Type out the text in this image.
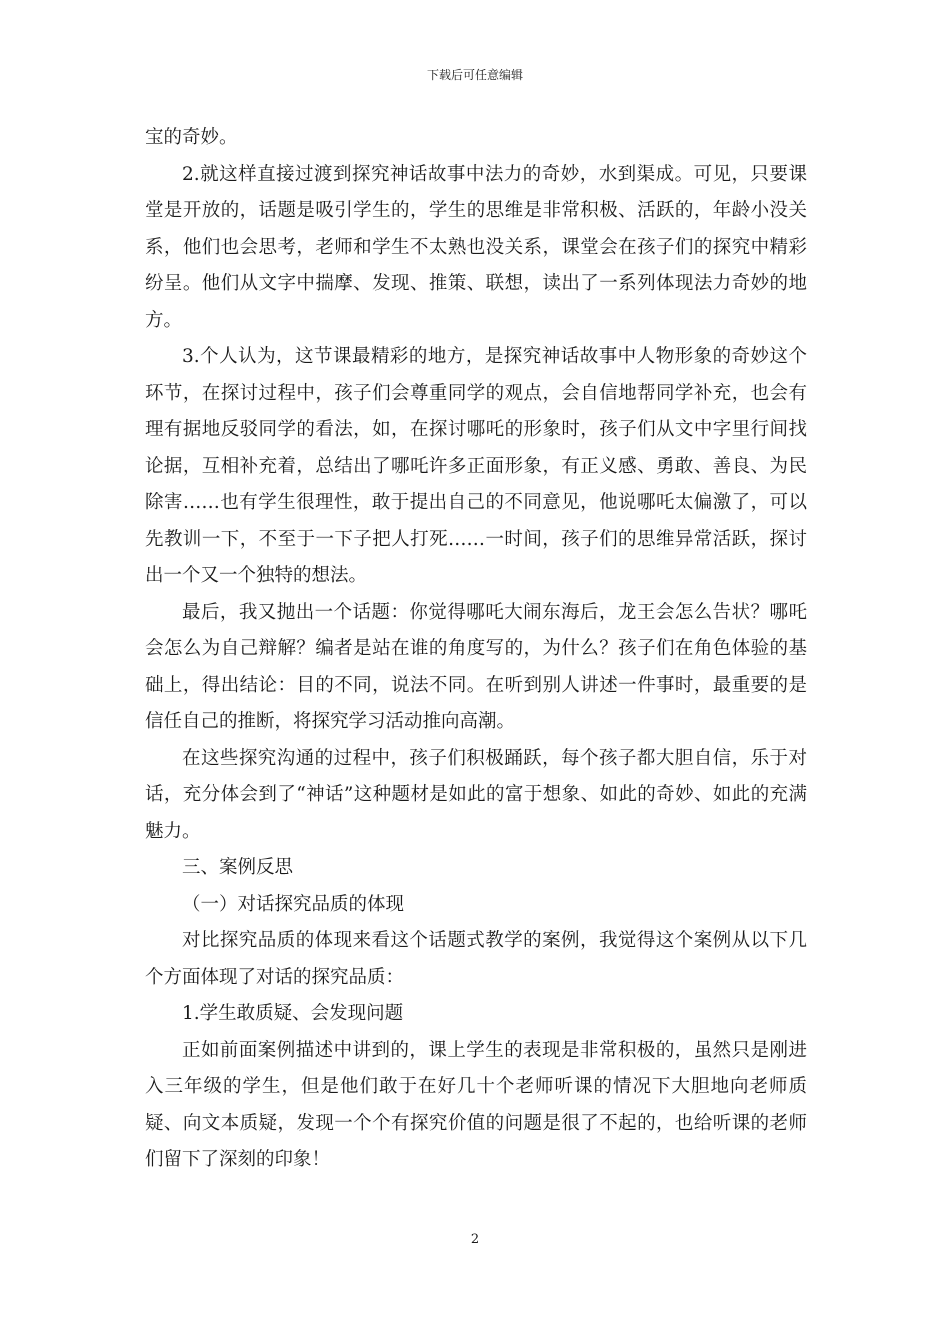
下载后可任意编辑

宝的奇妙。

2.就这样直接过渡到探究神话故事中法力的奇妙，水到渠成。可见，只要课堂是开放的，话题是吸引学生的，学生的思维是非常积极、活跃的，年龄小没关系，他们也会思考，老师和学生不太熟也没关系，课堂会在孩子们的探究中精彩纷呈。他们从文字中揣摩、发现、推策、联想，读出了一系列体现法力奇妙的地方。

3.个人认为，这节课最精彩的地方，是探究神话故事中人物形象的奇妙这个环节，在探讨过程中，孩子们会尊重同学的观点，会自信地帮同学补充，也会有理有据地反驳同学的看法，如，在探讨哪吒的形象时，孩子们从文中字里行间找论据，互相补充着，总结出了哪吒许多正面形象，有正义感、勇敢、善良、为民除害……也有学生很理性，敢于提出自己的不同意见，他说哪吒太偏激了，可以先教训一下，不至于一下子把人打死……一时间，孩子们的思维异常活跃，探讨出一个又一个独特的想法。

最后，我又抛出一个话题：你觉得哪吒大闹东海后，龙王会怎么告状？哪吒会怎么为自己辩解？编者是站在谁的角度写的，为什么？孩子们在角色体验的基础上，得出结论：目的不同，说法不同。在听到别人讲述一件事时，最重要的是信任自己的推断，将探究学习活动推向高潮。

在这些探究沟通的过程中，孩子们积极踊跃，每个孩子都大胆自信，乐于对话，充分体会到了“神话”这种题材是如此的富于想象、如此的奇妙、如此的充满魅力。

三、案例反思

（一）对话探究品质的体现

对比探究品质的体现来看这个话题式教学的案例，我觉得这个案例从以下几个方面体现了对话的探究品质：

1.学生敢质疑、会发现问题

正如前面案例描述中讲到的，课上学生的表现是非常积极的，虽然只是刚进入三年级的学生，但是他们敢于在好几十个老师听课的情况下大胆地向老师质疑、向文本质疑，发现一个个有探究价值的问题是很了不起的，也给听课的老师们留下了深刻的印象！

2
